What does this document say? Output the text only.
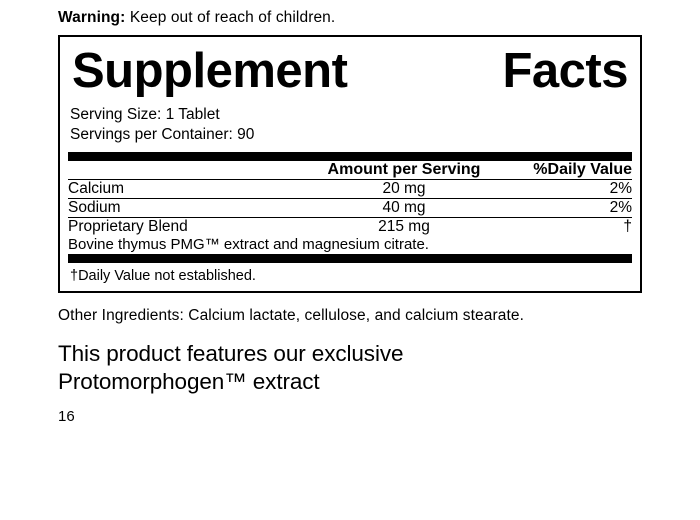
Warning: Keep out of reach of children.
Supplement	Facts
Serving Size: 1 Tablet
Servings per Container: 90
	Amount per Serving	%Daily Value
Calcium	20 mg	2%
Sodium	40 mg	2%
Proprietary Blend	215 mg	†
Bovine thymus PMG™ extract and magnesium citrate.		
†Daily Value not established.
Other Ingredients: Calcium lactate, cellulose, and calcium stearate.
This product features our exclusive
Protomorphogen™ extract
16
